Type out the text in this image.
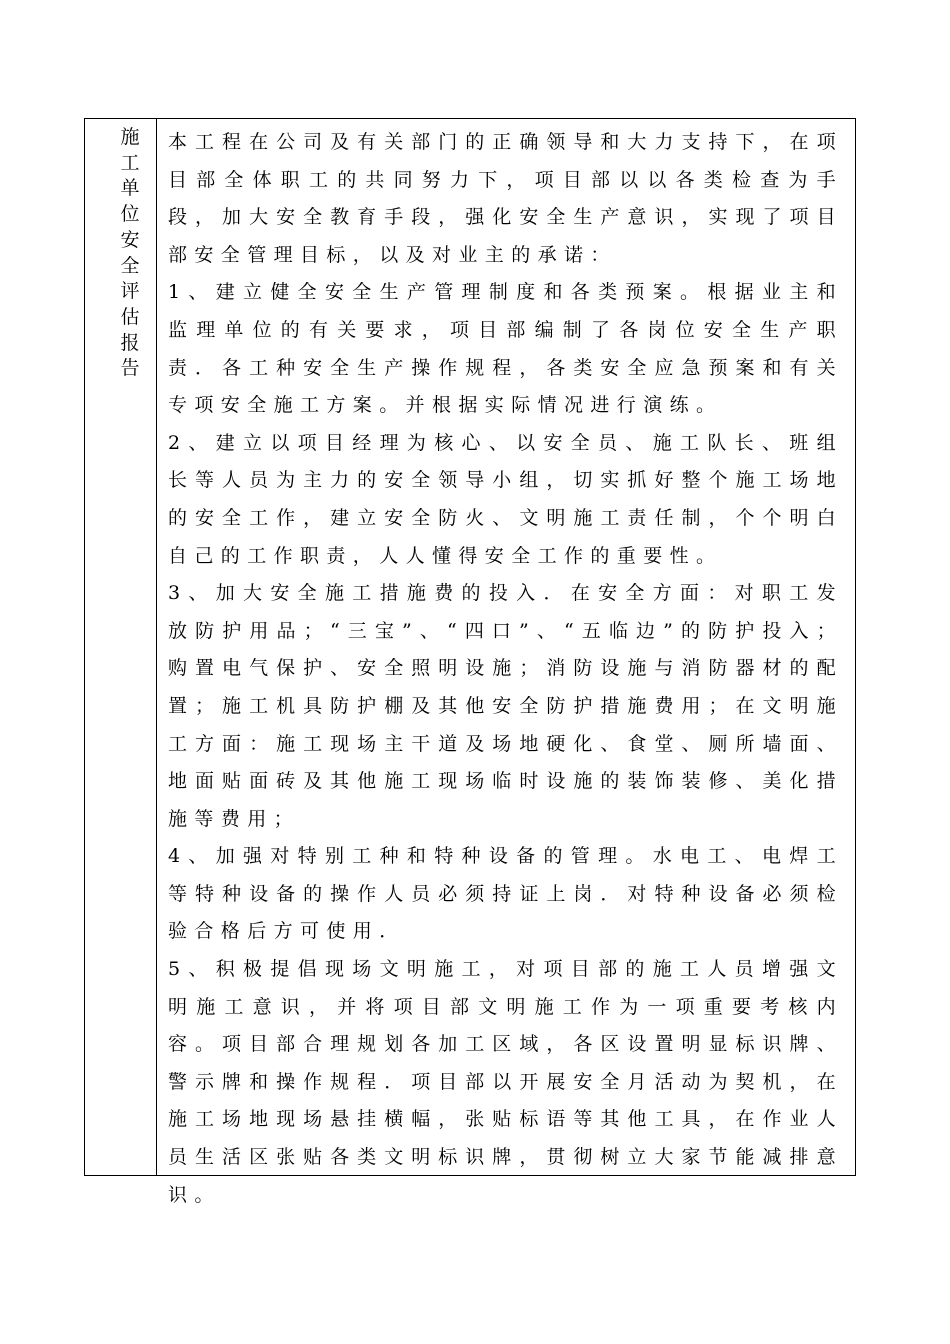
施工单位安全评估报告

本工程在公司及有关部门的正确领导和大力支持下，在项目部全体职工的共同努力下，项目部以以各类检查为手段，加大安全教育手段，强化安全生产意识，实现了项目部安全管理目标，以及对业主的承诺：

1、建立健全安全生产管理制度和各类预案。根据业主和监理单位的有关要求，项目部编制了各岗位安全生产职责．各工种安全生产操作规程，各类安全应急预案和有关专项安全施工方案。并根据实际情况进行演练。

2、建立以项目经理为核心、以安全员、施工队长、班组长等人员为主力的安全领导小组，切实抓好整个施工场地的安全工作，建立安全防火、文明施工责任制，个个明白自己的工作职责，人人懂得安全工作的重要性。

3、加大安全施工措施费的投入．在安全方面：对职工发放防护用品；“三宝”、“四口”、“五临边”的防护投入；购置电气保护、安全照明设施；消防设施与消防器材的配置；施工机具防护棚及其他安全防护措施费用；在文明施工方面：施工现场主干道及场地硬化、食堂、厕所墙面、地面贴面砖及其他施工现场临时设施的装饰装修、美化措施等费用；

4、加强对特别工种和特种设备的管理。水电工、电焊工等特种设备的操作人员必须持证上岗．对特种设备必须检验合格后方可使用．

5、积极提倡现场文明施工，对项目部的施工人员增强文明施工意识，并将项目部文明施工作为一项重要考核内容。项目部合理规划各加工区域，各区设置明显标识牌、警示牌和操作规程．项目部以开展安全月活动为契机，在施工场地现场悬挂横幅，张贴标语等其他工具，在作业人员生活区张贴各类文明标识牌，贯彻树立大家节能减排意识。
